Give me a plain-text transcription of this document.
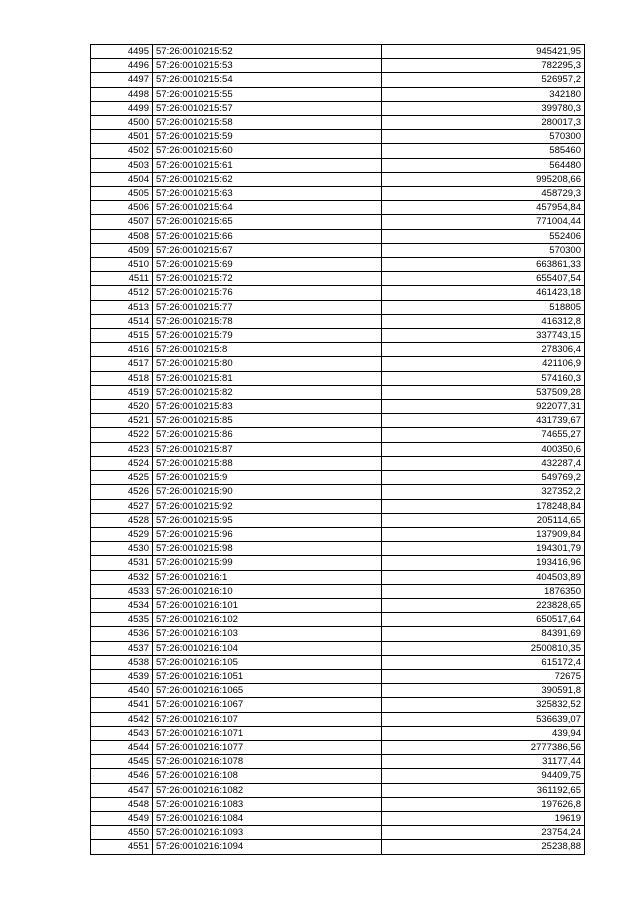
4495	57:26:0010215:52	945421,95
4496	57:26:0010215:53	782295,3
4497	57:26:0010215:54	526957,2
4498	57:26:0010215:55	342180
4499	57:26:0010215:57	399780,3
4500	57:26:0010215:58	280017,3
4501	57:26:0010215:59	570300
4502	57:26:0010215:60	585460
4503	57:26:0010215:61	564480
4504	57:26:0010215:62	995208,66
4505	57:26:0010215:63	458729,3
4506	57:26:0010215:64	457954,84
4507	57:26:0010215:65	771004,44
4508	57:26:0010215:66	552406
4509	57:26:0010215:67	570300
4510	57:26:0010215:69	663861,33
4511	57:26:0010215:72	655407,54
4512	57:26:0010215:76	461423,18
4513	57:26:0010215:77	518805
4514	57:26:0010215:78	416312,8
4515	57:26:0010215:79	337743,15
4516	57:26:0010215:8	278306,4
4517	57:26:0010215:80	421106,9
4518	57:26:0010215:81	574160,3
4519	57:26:0010215:82	537509,28
4520	57:26:0010215:83	922077,31
4521	57:26:0010215:85	431739,67
4522	57:26:0010215:86	74655,27
4523	57:26:0010215:87	400350,6
4524	57:26:0010215:88	432287,4
4525	57:26:0010215:9	549769,2
4526	57:26:0010215:90	327352,2
4527	57:26:0010215:92	178248,84
4528	57:26:0010215:95	205114,65
4529	57:26:0010215:96	137909,84
4530	57:26:0010215:98	194301,79
4531	57:26:0010215:99	193416,96
4532	57:26:0010216:1	404503,89
4533	57:26:0010216:10	1876350
4534	57:26:0010216:101	223828,65
4535	57:26:0010216:102	650517,64
4536	57:26:0010216:103	84391,69
4537	57:26:0010216:104	2500810,35
4538	57:26:0010216:105	615172,4
4539	57:26:0010216:1051	72675
4540	57:26:0010216:1065	390591,8
4541	57:26:0010216:1067	325832,52
4542	57:26:0010216:107	536639,07
4543	57:26:0010216:1071	439,94
4544	57:26:0010216:1077	2777386,56
4545	57:26:0010216:1078	31177,44
4546	57:26:0010216:108	94409,75
4547	57:26:0010216:1082	361192,65
4548	57:26:0010216:1083	197626,8
4549	57:26:0010216:1084	19619
4550	57:26:0010216:1093	23754,24
4551	57:26:0010216:1094	25238,88
